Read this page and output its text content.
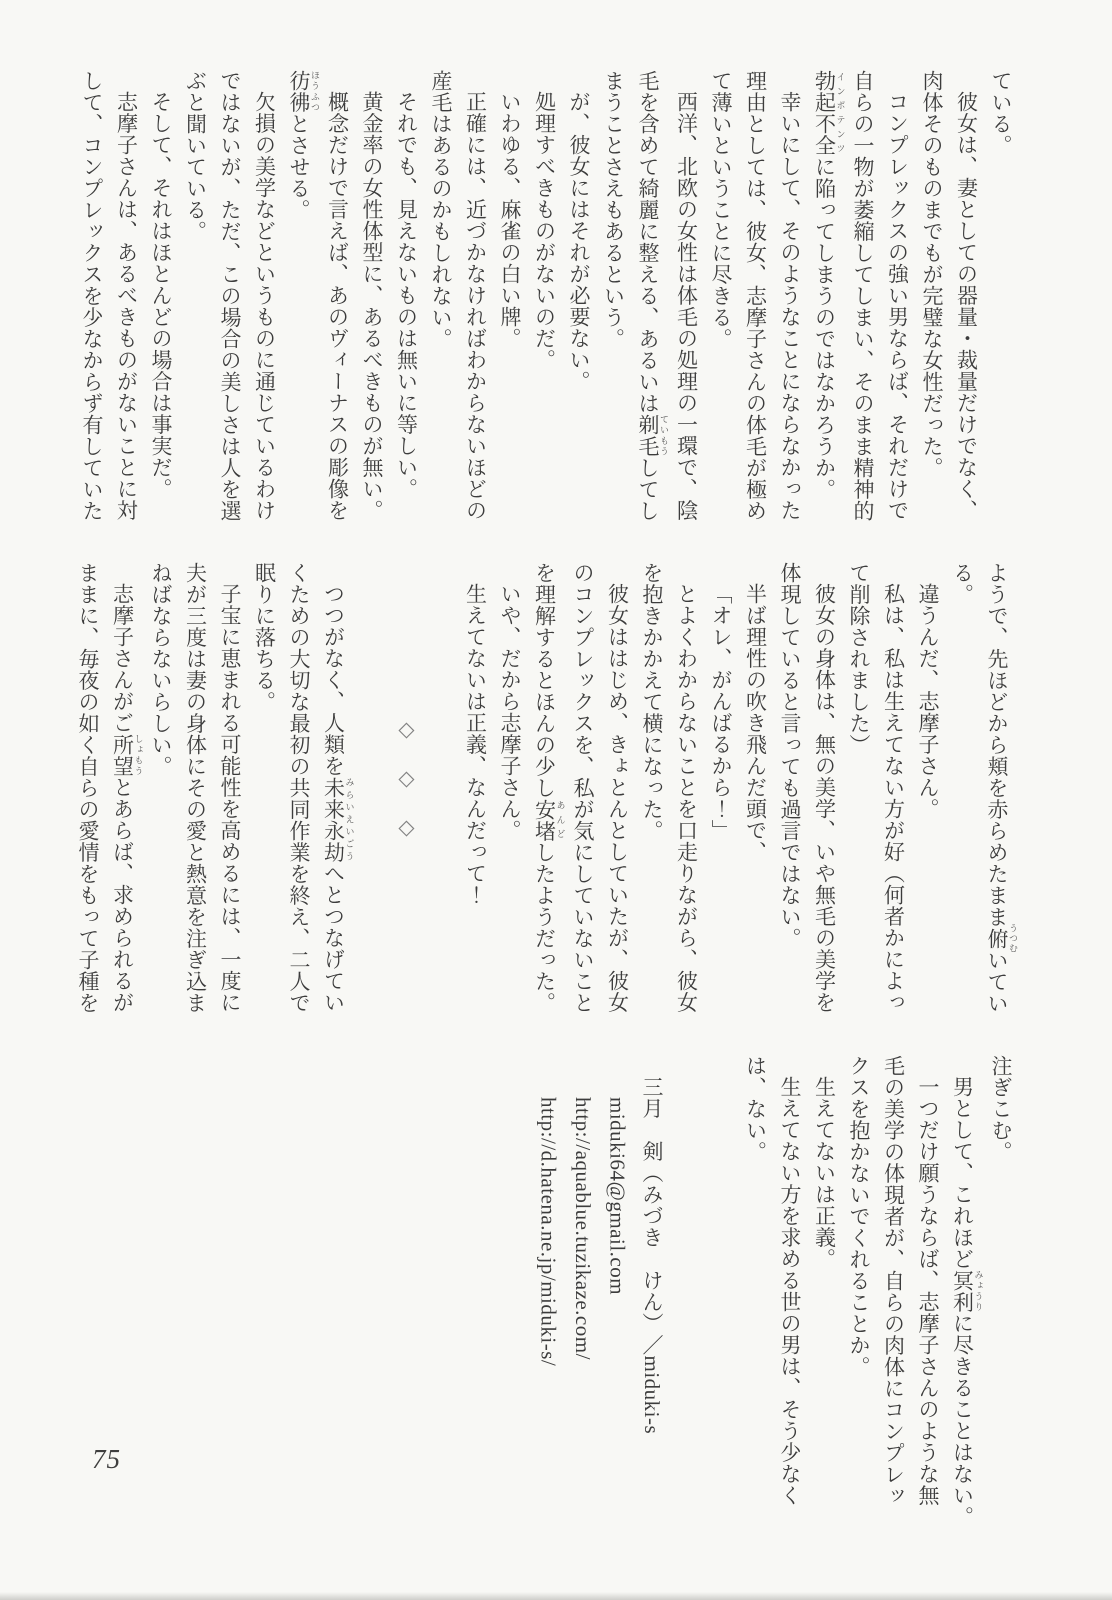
ている。

彼女は、妻としての器量・裁量だけでなく、

肉体そのものまでもが完璧な女性だった。

コンプレックスの強い男ならば、それだけで

自らの一物が萎縮してしまい、そのまま精神的

勃起不全 インポテンツに陥ってしまうのではなかろうか。

幸いにして、そのようなことにならなかった

理由としては、彼女、志摩子さんの体毛が極め

て薄いということに尽きる。

西洋、北欧の女性は体毛の処理の一環で、陰

毛を含めて綺麗に整える、あるいは剃毛 ていもうしてし

まうことさえもあるという。

が、彼女にはそれが必要ない。

処理すべきものがないのだ。

いわゆる、麻雀の白い牌。

正確には、近づかなければわからないほどの

産毛はあるのかもしれない。

それでも、見えないものは無いに等しい。

黄金率の女性体型に、あるべきものが無い。

概念だけで言えば、あのヴィーナスの彫像を

彷彿 ほうふつとさせる。

欠損の美学などというものに通じているわけ

ではないが、ただ、この場合の美しさは人を選

ぶと聞いている。

そして、それはほとんどの場合は事実だ。

志摩子さんは、あるべきものがないことに対

して、コンプレックスを少なからず有していた

ようで、先ほどから頬を赤らめたまま俯 うつむいてい

る。

違うんだ、志摩子さん。

私は、私は生えてない方が好（何者かによっ

て削除されました）

彼女の身体は、無の美学、いや無毛の美学を

体現していると言っても過言ではない。

半ば理性の吹き飛んだ頭で、

「オレ、がんばるから！」

とよくわからないことを口走りながら、彼女

を抱きかかえて横になった。

彼女ははじめ、きょとんとしていたが、彼女

のコンプレックスを、私が気にしていないこと

を理解するとほんの少し安堵 あんどしたようだった。

いや、だから志摩子さん。

生えてないは正義、なんだって！

◇　◇　◇

つつがなく、人類を未来永劫 みらいえいごうへとつなげてい

くための大切な最初の共同作業を終え、二人で

眠りに落ちる。

子宝に恵まれる可能性を高めるには、一度に

夫が三度は妻の身体にその愛と熱意を注ぎ込ま

ねばならないらしい。

志摩子さんがご所望 しょもうとあらば、求められるが

ままに、毎夜の如く自らの愛情をもって子種を

注ぎこむ。

男として、これほど冥利 みょうりに尽きることはない。

一つだけ願うならば、志摩子さんのような無

毛の美学の体現者が、自らの肉体にコンプレッ

クスを抱かないでくれることか。

生えてないは正義。

生えてない方を求める世の男は、そう少なく

は、ない。

三月　剣（みづき　けん）／miduki-s

miduki64@gmail.com

http://aquablue.tuzikaze.com/

http://d.hatena.ne.jp/miduki-s/

75
